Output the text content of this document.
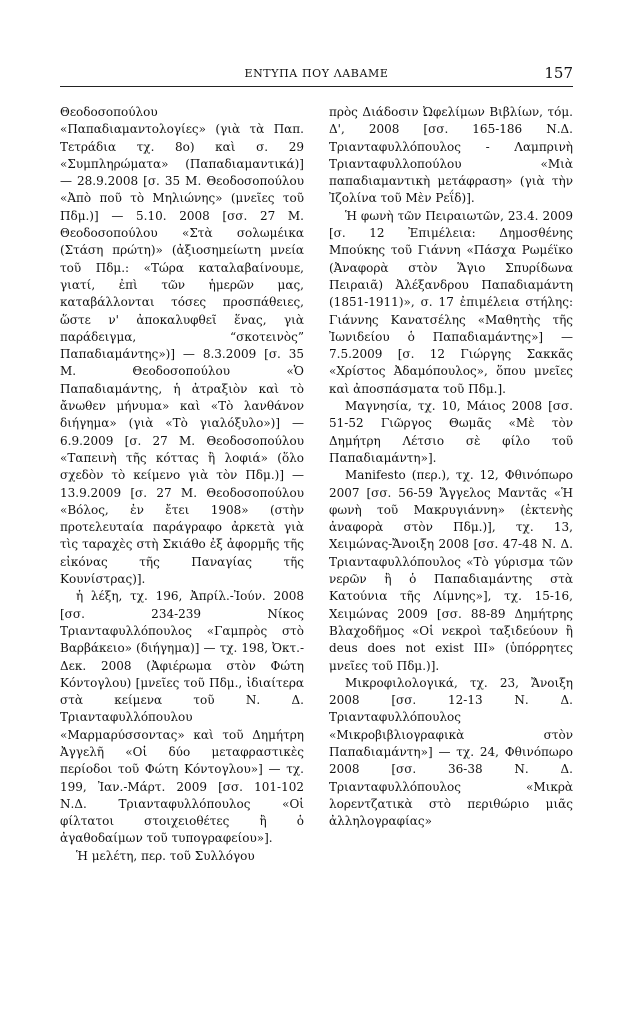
ΕΝΤΥΠΑ ΠΟΥ ΛΑΒΑΜΕ	157

Θεοδοσοπούλου «Παπαδιαμαντολογίες» (γιὰ τὰ Παπ. Τετράδια τχ. 8ο) καὶ σ. 29 «Συμπληρώματα» (Παπαδιαμαντικά)] — 28.9.2008 [σ. 35 Μ. Θεοδοσοπούλου «Ἀπὸ ποῦ τὸ Μηλιώνης» (μνεῖες τοῦ Πδμ.)] — 5.10. 2008 [σσ. 27 Μ. Θεοδοσοπούλου «Στὰ σολωμέικα (Στάση πρώτη)» (ἀξιοσημείωτη μνεία τοῦ Πδμ.: «Τώρα καταλαβαίνουμε, γιατί, ἐπὶ τῶν ἡμερῶν μας, καταβάλλονται τόσες προσπάθειες, ὥστε ν' ἀποκαλυφθεῖ ἕνας, γιὰ παράδειγμα, “σκοτεινὸς” Παπαδιαμάντης»)] — 8.3.2009 [σ. 35 Μ. Θεοδοσοπούλου «Ὁ Παπαδιαμάντης, ἡ ἀτραξιὸν καὶ τὸ ἄνωθεν μήνυμα» καὶ «Τὸ λανθάνον διήγημα» (γιὰ «Τὸ γιαλόξυλο»)] — 6.9.2009 [σ. 27 Μ. Θεοδοσοπούλου «Ταπεινὴ τῆς κόττας ἢ λοφιά» (ὅλο σχεδὸν τὸ κείμενο γιὰ τὸν Πδμ.)] — 13.9.2009 [σ. 27 Μ. Θεοδοσοπούλου «Βόλος, ἐν ἔτει 1908» (στὴν προτελευταία παράγραφο ἀρκετὰ γιὰ τὶς ταραχὲς στὴ Σκιάθο ἐξ ἀφορμῆς τῆς εἰκόνας τῆς Παναγίας τῆς Κουνίστρας)].

ἡ λέξη, τχ. 196, Ἀπρίλ.-Ἰούν. 2008 [σσ. 234-239 Νίκος Τριανταφυλλόπουλος «Γαμπρὸς στὸ Βαρβάκειο» (διήγημα)] — τχ. 198, Ὀκτ.-Δεκ. 2008 (Ἀφιέρωμα στὸν Φώτη Κόντογλου) [μνεῖες τοῦ Πδμ., ἰδιαίτερα στὰ κείμενα τοῦ Ν. Δ. Τριανταφυλλόπουλου «Μαρμαρύσσοντας» καὶ τοῦ Δημήτρη Ἀγγελῆ «Οἱ δύο μεταφραστικὲς περίοδοι τοῦ Φώτη Κόντογλου»] — τχ. 199, Ἰαν.-Μάρτ. 2009 [σσ. 101-102 Ν.Δ. Τριανταφυλλόπουλος «Οἱ φίλτατοι στοιχειοθέτες ἢ ὁ ἀγαθοδαίμων τοῦ τυπογραφείου»].

Ἡ μελέτη, περ. τοῦ Συλλόγου

πρὸς Διάδοσιν Ὠφελίμων Βιβλίων, τόμ. Δ', 2008 [σσ. 165-186 Ν.Δ. Τριανταφυλλόπουλος - Λαμπρινὴ Τριανταφυλλοπούλου «Μιὰ παπαδιαμαντικὴ μετάφραση» (γιὰ τὴν Ἰζολίνα τοῦ Μὲν Ρεΐδ)].

Ἡ φωνὴ τῶν Πειραιωτῶν, 23.4. 2009 [σ. 12 Ἐπιμέλεια: Δημοσθένης Μπούκης τοῦ Γιάννη «Πάσχα Ρωμέϊκο (Ἀναφορὰ στὸν Ἅγιο Σπυρίδωνα Πειραιᾶ) Ἀλέξανδρου Παπαδιαμάντη (1851-1911)», σ. 17 ἐπιμέλεια στήλης: Γιάννης Κανατσέλης «Μαθητὴς τῆς Ἰωνιδείου ὁ Παπαδιαμάντης»] — 7.5.2009 [σ. 12 Γιώργης Σακκᾶς «Χρίστος Ἀδαμόπουλος», ὅπου μνεῖες καὶ ἀποσπάσματα τοῦ Πδμ.].

Μαγνησία, τχ. 10, Μάιος 2008 [σσ. 51-52 Γιῶργος Θωμᾶς «Μὲ τὸν Δημήτρη Λέτσιο σὲ φίλο τοῦ Παπαδιαμάντη»].

Manifesto (περ.), τχ. 12, Φθινόπωρο 2007 [σσ. 56-59 Ἄγγελος Μαντᾶς «Ἡ φωνὴ τοῦ Μακρυγιάννη» (ἐκτενὴς ἀναφορὰ στὸν Πδμ.)], τχ. 13, Χειμώνας-Ἄνοιξη 2008 [σσ. 47-48 Ν. Δ. Τριανταφυλλόπουλος «Τὸ γύρισμα τῶν νερῶν ἢ ὁ Παπαδιαμάντης στὰ Κατούνια τῆς Λίμνης»], τχ. 15-16, Χειμώνας 2009 [σσ. 88-89 Δημήτρης Βλαχοδῆμος «Οἱ νεκροὶ ταξιδεύουν ἢ deus does not exist III» (ὑπόρρητες μνεῖες τοῦ Πδμ.)].

Μικροφιλολογικά, τχ. 23, Ἄνοιξη 2008 [σσ. 12-13 Ν. Δ. Τριανταφυλλόπουλος «Μικροβιβλιογραφικὰ στὸν Παπαδιαμάντη»] — τχ. 24, Φθινόπωρο 2008 [σσ. 36-38 Ν. Δ. Τριανταφυλλόπουλος «Μικρὰ λορεντζατικὰ στὸ περιθώριο μιᾶς ἀλληλογραφίας»
